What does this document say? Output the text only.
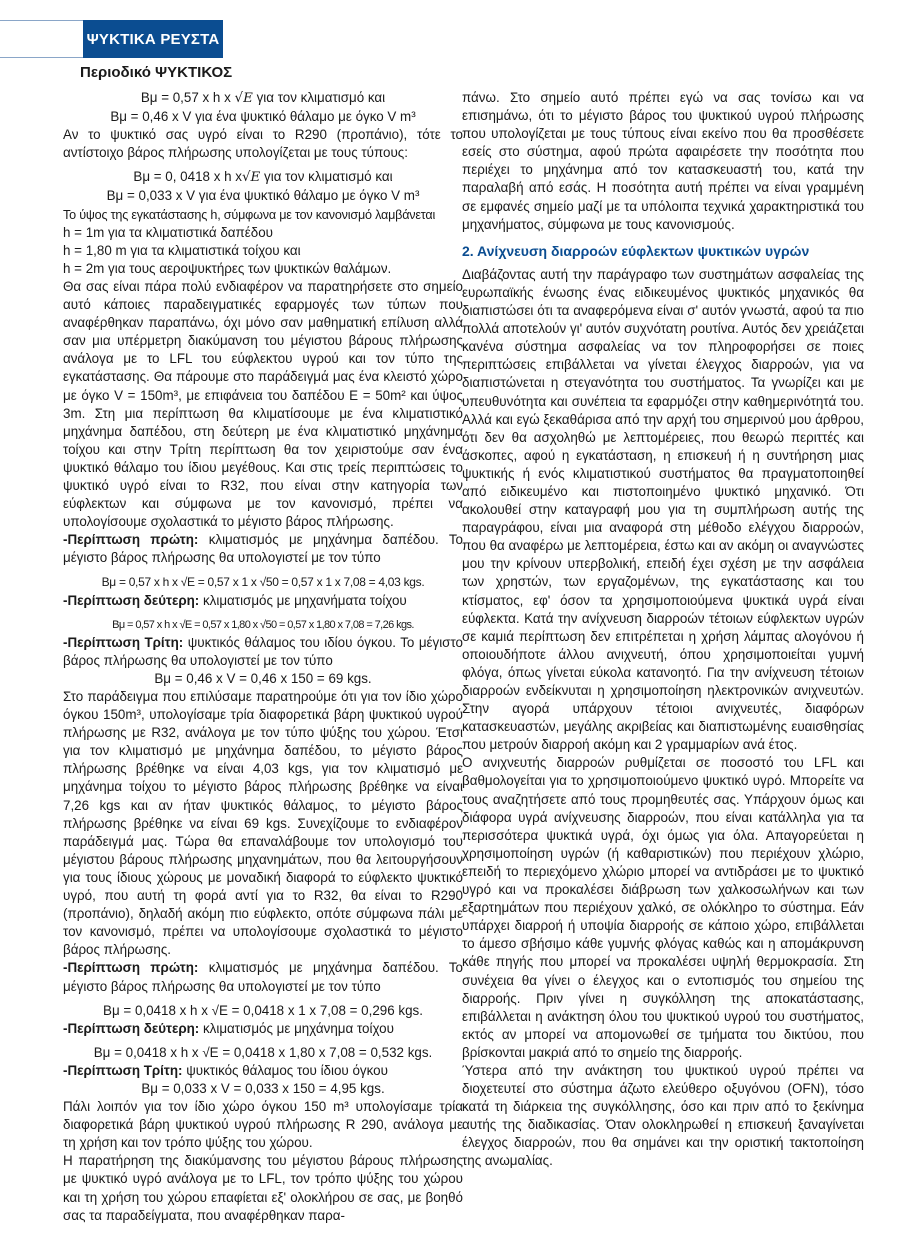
ΨΥΚΤΙΚΑ ΡΕΥΣΤΑ
Περιοδικό ΨΥΚΤΙΚΟΣ

Bμ = 0,57 x h x √E για τον κλιματισμό και

Bμ = 0,46 x V για ένα ψυκτικό θάλαμο με όγκο V m³

Αν το ψυκτικό σας υγρό είναι το R290 (προπάνιο), τότε το αντίστοιχο βάρος πλήρωσης υπολογίζεται με τους τύπους:

Bμ = 0, 0418 x h x√E για τον κλιματισμό και

Bμ = 0,033 x V για ένα ψυκτικό θάλαμο με όγκο V m³

Το ύψος της εγκατάστασης h, σύμφωνα με τον κανονισμό λαμβάνεται

h = 1m για τα κλιματιστικά δαπέδου

h = 1,80 m για τα κλιματιστικά τοίχου και

h = 2m για τους αεροψυκτήρες των ψυκτικών θαλάμων.

Θα σας είναι πάρα πολύ ενδιαφέρον να παρατηρήσετε στο σημείο αυτό κάποιες παραδειγματικές εφαρμογές των τύπων που αναφέρθηκαν παραπάνω, όχι μόνο σαν μαθηματική επίλυση αλλά σαν μια υπέρμετρη διακύμανση του μέγιστου βάρους πλήρωσης ανάλογα με το LFL του εύφλεκτου υγρού και τον τύπο της εγκατάστασης. Θα πάρουμε στο παράδειγμά μας ένα κλειστό χώρο με όγκο V = 150m³, με επιφάνεια του δαπέδου E = 50m² και ύψος 3m. Στη μια περίπτωση θα κλιματίσουμε με ένα κλιματιστικό μηχάνημα δαπέδου, στη δεύτερη με ένα κλιματιστικό μηχάνημα τοίχου και στην Τρίτη περίπτωση θα τον χειριστούμε σαν ένα ψυκτικό θάλαμο του ίδιου μεγέθους. Και στις τρείς περιπτώσεις το ψυκτικό υγρό είναι το R32, που είναι στην κατηγορία των εύφλεκτων και σύμφωνα με τον κανονισμό, πρέπει να υπολογίσουμε σχολαστικά το μέγιστο βάρος πλήρωσης.

-Περίπτωση πρώτη: κλιματισμός με μηχάνημα δαπέδου. Το μέγιστο βάρος πλήρωσης θα υπολογιστεί με τον τύπο

Bμ = 0,57 x h x √E = 0,57 x 1 x √50 = 0,57 x 1 x 7,08 = 4,03 kgs.

-Περίπτωση δεύτερη: κλιματισμός με μηχανήματα τοίχου

Bμ = 0,57 x h x √E = 0,57 x 1,80 x √50 = 0,57 x 1,80 x 7,08 = 7,26 kgs.

-Περίπτωση Τρίτη: ψυκτικός θάλαμος του ιδίου όγκου. Το μέγιστο βάρος πλήρωσης θα υπολογιστεί με τον τύπο

Bμ = 0,46 x V = 0,46 x 150 = 69 kgs.

Στο παράδειγμα που επιλύσαμε παρατηρούμε ότι για τον ίδιο χώρο όγκου 150m³, υπολογίσαμε τρία διαφορετικά βάρη ψυκτικού υγρού πλήρωσης με R32, ανάλογα με τον τύπο ψύξης του χώρου. Έτσι για τον κλιματισμό με μηχάνημα δαπέδου, το μέγιστο βάρος πλήρωσης βρέθηκε να είναι 4,03 kgs, για τον κλιματισμό με μηχάνημα τοίχου το μέγιστο βάρος πλήρωσης βρέθηκε να είναι 7,26 kgs και αν ήταν ψυκτικός θάλαμος, το μέγιστο βάρος πλήρωσης βρέθηκε να είναι 69 kgs. Συνεχίζουμε το ενδιαφέρον παράδειγμά μας. Τώρα θα επαναλάβουμε τον υπολογισμό του μέγιστου βάρους πλήρωσης μηχανημάτων, που θα λειτουργήσουν για τους ίδιους χώρους με μοναδική διαφορά το εύφλεκτο ψυκτικό υγρό, που αυτή τη φορά αντί για το R32, θα είναι το R290 (προπάνιο), δηλαδή ακόμη πιο εύφλεκτο, οπότε σύμφωνα πάλι με τον κανονισμό, πρέπει να υπολογίσουμε σχολαστικά το μέγιστο βάρος πλήρωσης.

-Περίπτωση πρώτη: κλιματισμός με μηχάνημα δαπέδου. Το μέγιστο βάρος πλήρωσης θα υπολογιστεί με τον τύπο

Bμ = 0,0418 x h x √E = 0,0418 x 1 x 7,08 = 0,296 kgs.

-Περίπτωση δεύτερη: κλιματισμός με μηχάνημα τοίχου

Bμ = 0,0418 x h x √E = 0,0418 x 1,80 x 7,08 = 0,532 kgs.

-Περίπτωση Τρίτη: ψυκτικός θάλαμος του ίδιου όγκου

Bμ = 0,033 x V = 0,033 x 150 = 4,95 kgs.

Πάλι λοιπόν για τον ίδιο χώρο όγκου 150 m³ υπολογίσαμε τρία διαφορετικά βάρη ψυκτικού υγρού πλήρωσης R 290, ανάλογα με τη χρήση και τον τρόπο ψύξης του χώρου.

Η παρατήρηση της διακύμανσης του μέγιστου βάρους πλήρωσης με ψυκτικό υγρό ανάλογα με το LFL, τον τρόπο ψύξης του χώρου και τη χρήση του χώρου επαφίεται εξ' ολοκλήρου σε σας, με βοηθό σας τα παραδείγματα, που αναφέρθηκαν παρα-

πάνω. Στο σημείο αυτό πρέπει εγώ να σας τονίσω και να επισημάνω, ότι το μέγιστο βάρος του ψυκτικού υγρού πλήρωσης που υπολογίζεται με τους τύπους είναι εκείνο που θα προσθέσετε εσείς στο σύστημα, αφού πρώτα αφαιρέσετε την ποσότητα που περιέχει το μηχάνημα από τον κατασκευαστή του, κατά την παραλαβή από εσάς. Η ποσότητα αυτή πρέπει να είναι γραμμένη σε εμφανές σημείο μαζί με τα υπόλοιπα τεχνικά χαρακτηριστικά του μηχανήματος, σύμφωνα με τους κανονισμούς.

2. Ανίχνευση διαρροών εύφλεκτων ψυκτικών υγρών

Διαβάζοντας αυτή την παράγραφο των συστημάτων ασφαλείας της ευρωπαϊκής ένωσης ένας ειδικευμένος ψυκτικός μηχανικός θα διαπιστώσει ότι τα αναφερόμενα είναι σ' αυτόν γνωστά, αφού τα πιο πολλά αποτελούν γι' αυτόν συχνότατη ρουτίνα. Αυτός δεν χρειάζεται κανένα σύστημα ασφαλείας να τον πληροφορήσει σε ποιες περιπτώσεις επιβάλλεται να γίνεται έλεγχος διαρροών, για να διαπιστώνεται η στεγανότητα του συστήματος. Τα γνωρίζει και με υπευθυνότητα και συνέπεια τα εφαρμόζει στην καθημερινότητά του. Αλλά και εγώ ξεκαθάρισα από την αρχή του σημερινού μου άρθρου, ότι δεν θα ασχοληθώ με λεπτομέρειες, που θεωρώ περιττές και άσκοπες, αφού η εγκατάσταση, η επισκευή ή η συντήρηση μιας ψυκτικής ή ενός κλιματιστικού συστήματος θα πραγματοποιηθεί από ειδικευμένο και πιστοποιημένο ψυκτικό μηχανικό. Ότι ακολουθεί στην καταγραφή μου για τη συμπλήρωση αυτής της παραγράφου, είναι μια αναφορά στη μέθοδο ελέγχου διαρροών, που θα αναφέρω με λεπτομέρεια, έστω και αν ακόμη οι αναγνώστες μου την κρίνουν υπερβολική, επειδή έχει σχέση με την ασφάλεια των χρηστών, των εργαζομένων, της εγκατάστασης και του κτίσματος, εφ' όσον τα χρησιμοποιούμενα ψυκτικά υγρά είναι εύφλεκτα. Κατά την ανίχνευση διαρροών τέτοιων εύφλεκτων υγρών σε καμιά περίπτωση δεν επιτρέπεται η χρήση λάμπας αλογόνου ή οποιουδήποτε άλλου ανιχνευτή, όπου χρησιμοποιείται γυμνή φλόγα, όπως γίνεται εύκολα κατανοητό. Για την ανίχνευση τέτοιων διαρροών ενδείκνυται η χρησιμοποίηση ηλεκτρονικών ανιχνευτών. Στην αγορά υπάρχουν τέτοιοι ανιχνευτές, διαφόρων κατασκευαστών, μεγάλης ακριβείας και διαπιστωμένης ευαισθησίας που μετρούν διαρροή ακόμη και 2 γραμμαρίων ανά έτος.

Ο ανιχνευτής διαρροών ρυθμίζεται σε ποσοστό του LFL και βαθμολογείται για το χρησιμοποιούμενο ψυκτικό υγρό. Μπορείτε να τους αναζητήσετε από τους προμηθευτές σας. Υπάρχουν όμως και διάφορα υγρά ανίχνευσης διαρροών, που είναι κατάλληλα για τα περισσότερα ψυκτικά υγρά, όχι όμως για όλα. Απαγορεύεται η χρησιμοποίηση υγρών (ή καθαριστικών) που περιέχουν χλώριο, επειδή το περιεχόμενο χλώριο μπορεί να αντιδράσει με το ψυκτικό υγρό και να προκαλέσει διάβρωση των χαλκοσωλήνων και των εξαρτημάτων που περιέχουν χαλκό, σε ολόκληρο το σύστημα. Εάν υπάρχει διαρροή ή υποψία διαρροής σε κάποιο χώρο, επιβάλλεται το άμεσο σβήσιμο κάθε γυμνής φλόγας καθώς και η απομάκρυνση κάθε πηγής που μπορεί να προκαλέσει υψηλή θερμοκρασία. Στη συνέχεια θα γίνει ο έλεγχος και ο εντοπισμός του σημείου της διαρροής. Πριν γίνει η συγκόλληση της αποκατάστασης, επιβάλλεται η ανάκτηση όλου του ψυκτικού υγρού του συστήματος, εκτός αν μπορεί να απομονωθεί σε τμήματα του δικτύου, που βρίσκονται μακριά από το σημείο της διαρροής.

Ύστερα από την ανάκτηση του ψυκτικού υγρού πρέπει να διοχετευτεί στο σύστημα άζωτο ελεύθερο οξυγόνου (OFN), τόσο κατά τη διάρκεια της συγκόλλησης, όσο και πριν από το ξεκίνημα αυτής της διαδικασίας. Όταν ολοκληρωθεί η επισκευή ξαναγίνεται έλεγχος διαρροών, που θα σημάνει και την οριστική τακτοποίηση της ανωμαλίας.
